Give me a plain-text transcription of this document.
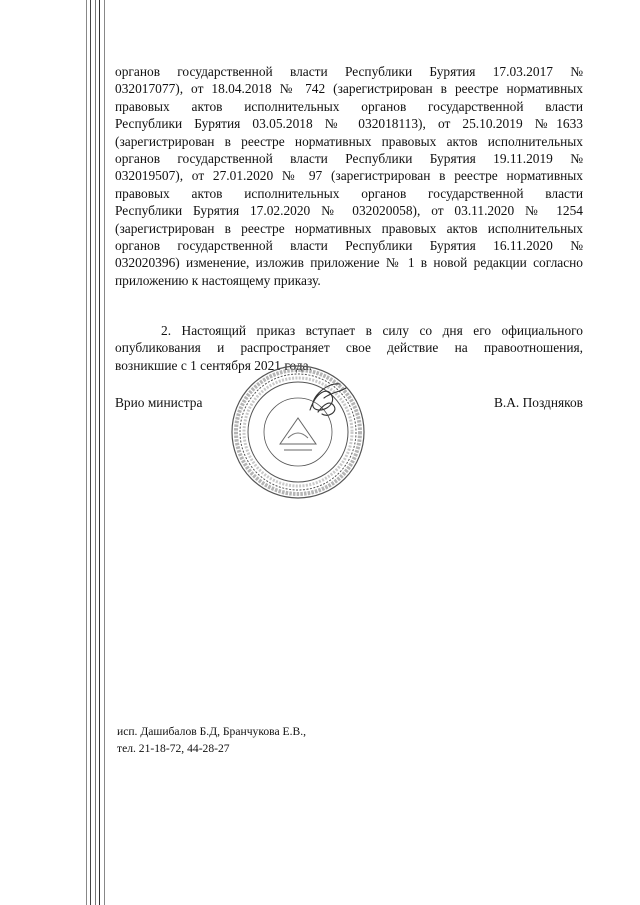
органов государственной власти Республики Бурятия 17.03.2017 №
032017077), от 18.04.2018 № 742 (зарегистрирован в реестре нормативных
правовых актов исполнительных органов государственной власти
Республики Бурятия 03.05.2018 № 032018113), от 25.10.2019 №1633
(зарегистрирован в реестре нормативных правовых актов исполнительных
органов государственной власти Республики Бурятия 19.11.2019 №
032019507), от 27.01.2020 № 97 (зарегистрирован в реестре нормативных
правовых актов исполнительных органов государственной власти
Республики Бурятия 17.02.2020 № 032020058), от 03.11.2020 № 1254
(зарегистрирован в реестре нормативных правовых актов исполнительных
органов государственной власти Республики Бурятия 16.11.2020 №
032020396) изменение, изложив приложение № 1 в новой редакции согласно
приложению к настоящему приказу.
2. Настоящий приказ вступает в силу со дня его официального
опубликования и распространяет свое действие на правоотношения,
возникшие с 1 сентября 2021 года.
Врио министра	В.А. Поздняков
исп. Дашибалов Б.Д, Бранчукова Е.В.,
тел. 21-18-72, 44-28-27
